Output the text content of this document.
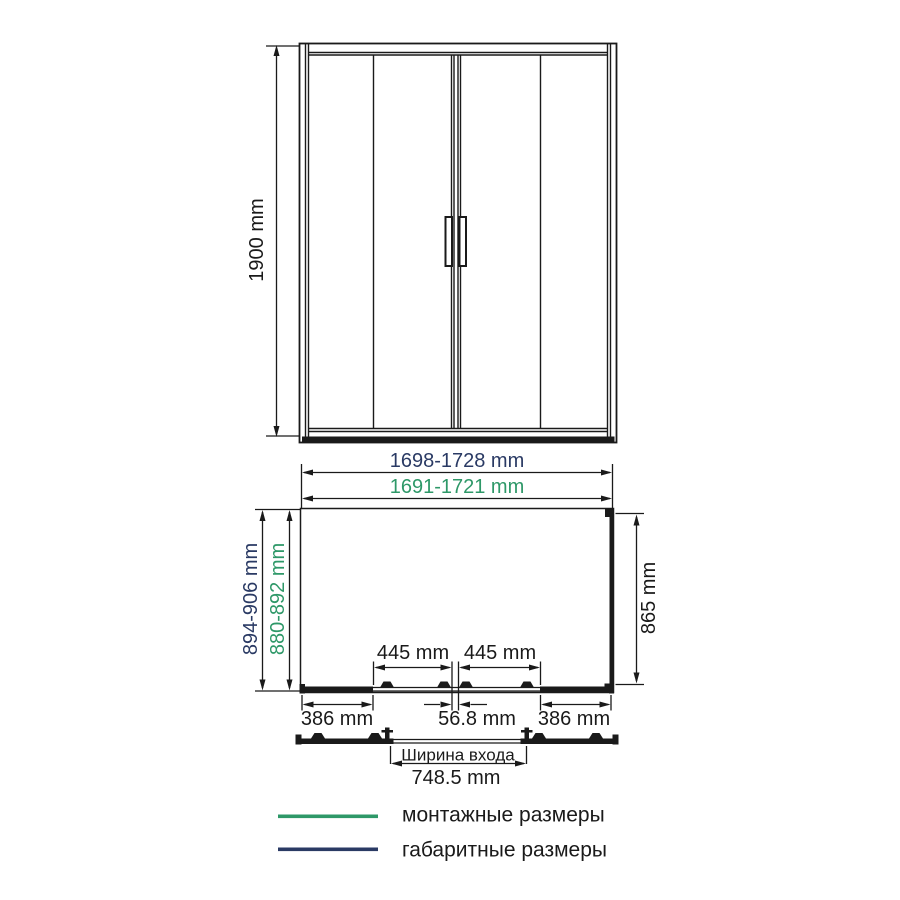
1900 mm
1698-1728 mm
1691-1721 mm
894-906 mm 880-892 mm	865 mm
445 mm 445 mm
386 mm	56.8 mm 386 mm
Ширина входа
748.5 mm
монтажные размеры
габаритные размеры
